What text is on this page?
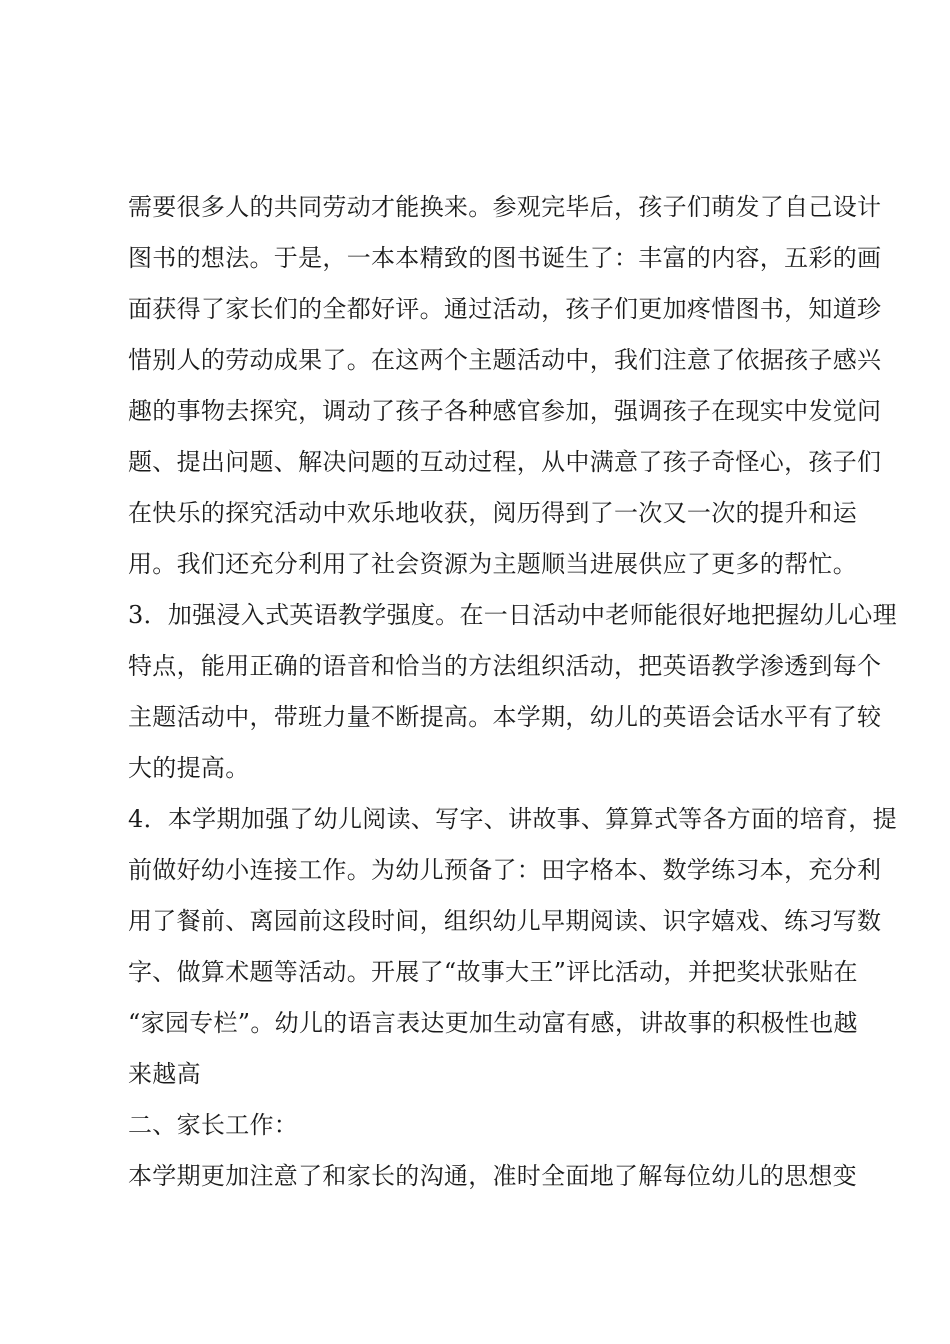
需要很多人的共同劳动才能换来。参观完毕后，孩子们萌发了自己设计
图书的想法。于是，一本本精致的图书诞生了：丰富的内容，五彩的画
面获得了家长们的全都好评。通过活动，孩子们更加疼惜图书，知道珍
惜别人的劳动成果了。在这两个主题活动中，我们注意了依据孩子感兴
趣的事物去探究，调动了孩子各种感官参加，强调孩子在现实中发觉问
题、提出问题、解决问题的互动过程，从中满意了孩子奇怪心，孩子们
在快乐的探究活动中欢乐地收获，阅历得到了一次又一次的提升和运
用。我们还充分利用了社会资源为主题顺当进展供应了更多的帮忙。
3．加强浸入式英语教学强度。在一日活动中老师能很好地把握幼儿心理
特点，能用正确的语音和恰当的方法组织活动，把英语教学渗透到每个
主题活动中，带班力量不断提高。本学期，幼儿的英语会话水平有了较
大的提高。
4．本学期加强了幼儿阅读、写字、讲故事、算算式等各方面的培育，提
前做好幼小连接工作。为幼儿预备了：田字格本、数学练习本，充分利
用了餐前、离园前这段时间，组织幼儿早期阅读、识字嬉戏、练习写数
字、做算术题等活动。开展了“故事大王”评比活动，并把奖状张贴在
“家园专栏”。幼儿的语言表达更加生动富有感，讲故事的积极性也越
来越高
二、家长工作：
本学期更加注意了和家长的沟通，准时全面地了解每位幼儿的思想变
